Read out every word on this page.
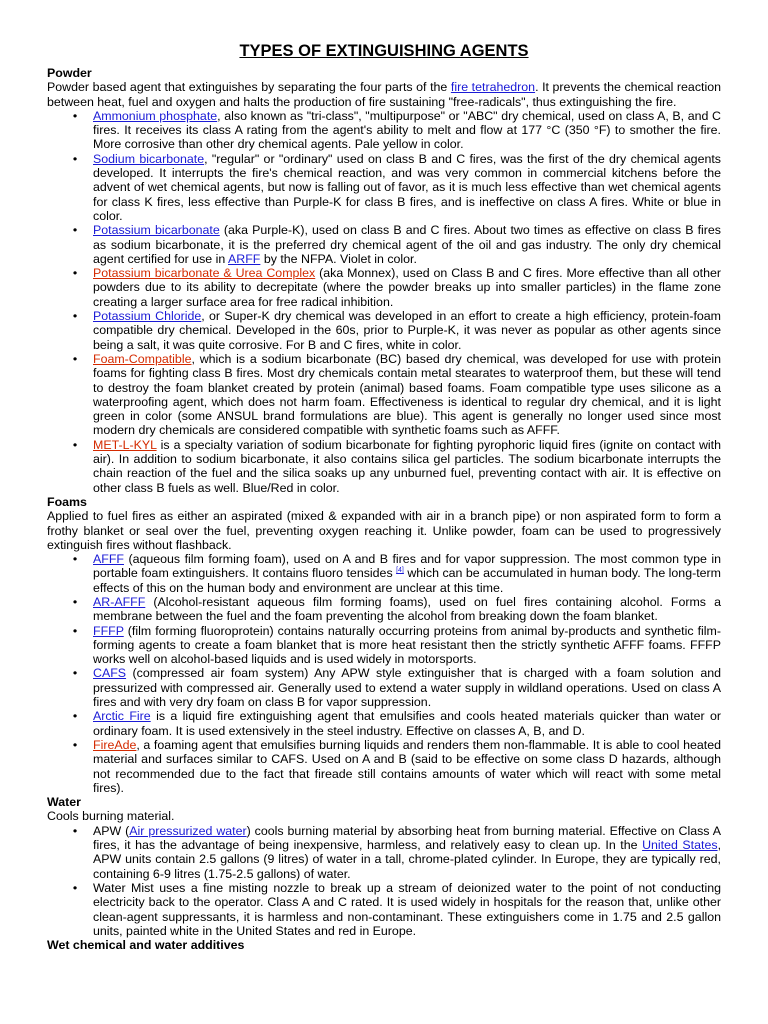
TYPES OF EXTINGUISHING AGENTS
Powder

Powder based agent that extinguishes by separating the four parts of the fire tetrahedron. It prevents the chemical reaction between heat, fuel and oxygen and halts the production of fire sustaining "free-radicals", thus extinguishing the fire.

• Ammonium phosphate, also known as "tri-class", "multipurpose" or "ABC" dry chemical, used on class A, B, and C fires. It receives its class A rating from the agent's ability to melt and flow at 177 °C (350 °F) to smother the fire. More corrosive than other dry chemical agents. Pale yellow in color.
• Sodium bicarbonate, "regular" or "ordinary" used on class B and C fires, was the first of the dry chemical agents developed. It interrupts the fire's chemical reaction, and was very common in commercial kitchens before the advent of wet chemical agents, but now is falling out of favor, as it is much less effective than wet chemical agents for class K fires, less effective than Purple-K for class B fires, and is ineffective on class A fires. White or blue in color.
• Potassium bicarbonate (aka Purple-K), used on class B and C fires. About two times as effective on class B fires as sodium bicarbonate, it is the preferred dry chemical agent of the oil and gas industry. The only dry chemical agent certified for use in ARFF by the NFPA. Violet in color.
• Potassium bicarbonate & Urea Complex (aka Monnex), used on Class B and C fires. More effective than all other powders due to its ability to decrepitate (where the powder breaks up into smaller particles) in the flame zone creating a larger surface area for free radical inhibition.
• Potassium Chloride, or Super-K dry chemical was developed in an effort to create a high efficiency, protein-foam compatible dry chemical. Developed in the 60s, prior to Purple-K, it was never as popular as other agents since being a salt, it was quite corrosive. For B and C fires, white in color.
• Foam-Compatible, which is a sodium bicarbonate (BC) based dry chemical, was developed for use with protein foams for fighting class B fires. Most dry chemicals contain metal stearates to waterproof them, but these will tend to destroy the foam blanket created by protein (animal) based foams. Foam compatible type uses silicone as a waterproofing agent, which does not harm foam. Effectiveness is identical to regular dry chemical, and it is light green in color (some ANSUL brand formulations are blue). This agent is generally no longer used since most modern dry chemicals are considered compatible with synthetic foams such as AFFF.
• MET-L-KYL is a specialty variation of sodium bicarbonate for fighting pyrophoric liquid fires (ignite on contact with air). In addition to sodium bicarbonate, it also contains silica gel particles. The sodium bicarbonate interrupts the chain reaction of the fuel and the silica soaks up any unburned fuel, preventing contact with air. It is effective on other class B fuels as well. Blue/Red in color.
Foams

Applied to fuel fires as either an aspirated (mixed & expanded with air in a branch pipe) or non aspirated form to form a frothy blanket or seal over the fuel, preventing oxygen reaching it. Unlike powder, foam can be used to progressively extinguish fires without flashback.

• AFFF (aqueous film forming foam), used on A and B fires and for vapor suppression. The most common type in portable foam extinguishers. It contains fluoro tensides [4] which can be accumulated in human body. The long-term effects of this on the human body and environment are unclear at this time.
• AR-AFFF (Alcohol-resistant aqueous film forming foams), used on fuel fires containing alcohol. Forms a membrane between the fuel and the foam preventing the alcohol from breaking down the foam blanket.
• FFFP (film forming fluoroprotein) contains naturally occurring proteins from animal by-products and synthetic film-forming agents to create a foam blanket that is more heat resistant then the strictly synthetic AFFF foams. FFFP works well on alcohol-based liquids and is used widely in motorsports.
• CAFS (compressed air foam system) Any APW style extinguisher that is charged with a foam solution and pressurized with compressed air. Generally used to extend a water supply in wildland operations. Used on class A fires and with very dry foam on class B for vapor suppression.
• Arctic Fire is a liquid fire extinguishing agent that emulsifies and cools heated materials quicker than water or ordinary foam. It is used extensively in the steel industry. Effective on classes A, B, and D.
• FireAde, a foaming agent that emulsifies burning liquids and renders them non-flammable. It is able to cool heated material and surfaces similar to CAFS. Used on A and B (said to be effective on some class D hazards, although not recommended due to the fact that fireade still contains amounts of water which will react with some metal fires).
Water

Cools burning material.

• APW (Air pressurized water) cools burning material by absorbing heat from burning material. Effective on Class A fires, it has the advantage of being inexpensive, harmless, and relatively easy to clean up. In the United States, APW units contain 2.5 gallons (9 litres) of water in a tall, chrome-plated cylinder. In Europe, they are typically red, containing 6-9 litres (1.75-2.5 gallons) of water.
• Water Mist uses a fine misting nozzle to break up a stream of deionized water to the point of not conducting electricity back to the operator. Class A and C rated. It is used widely in hospitals for the reason that, unlike other clean-agent suppressants, it is harmless and non-contaminant. These extinguishers come in 1.75 and 2.5 gallon units, painted white in the United States and red in Europe.
Wet chemical and water additives
